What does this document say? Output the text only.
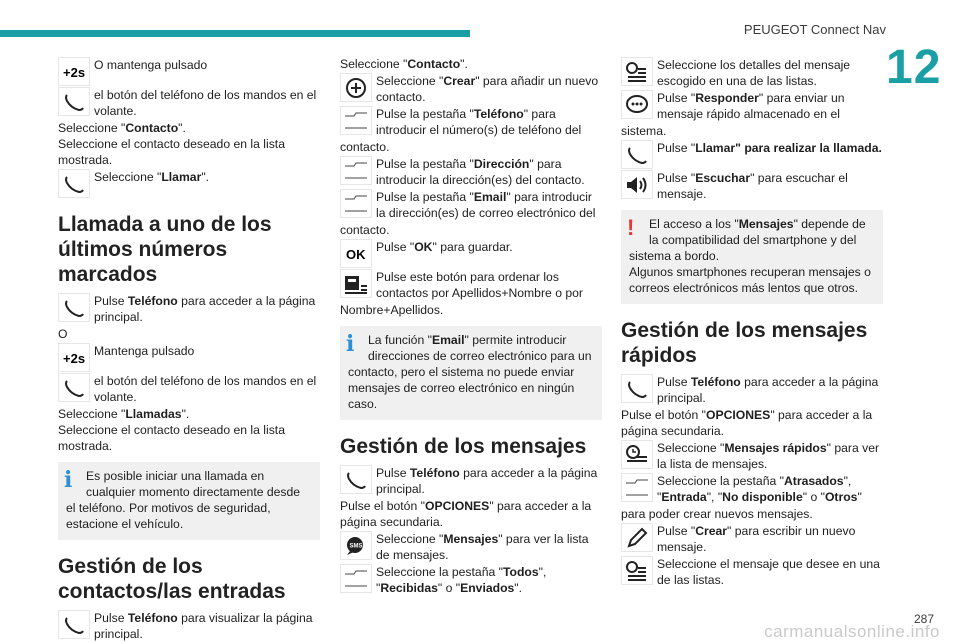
PEUGEOT Connect Nav
12
+2s O mantenga pulsado
el botón del teléfono de los mandos en el volante.

Seleccione "Contacto".

Seleccione el contacto deseado en la lista mostrada.

Seleccione "Llamar".
Llamada a uno de los últimos números marcados
Pulse Teléfono para acceder a la página principal.

O

+2s Mantenga pulsado
el botón del teléfono de los mandos en el volante.

Seleccione "Llamadas".

Seleccione el contacto deseado en la lista mostrada.

i Es posible iniciar una llamada en cualquier momento directamente desde
el teléfono. Por motivos de seguridad, estacione el vehículo.
Gestión de los contactos/las entradas
Pulse Teléfono para visualizar la página principal.

Seleccione "Contacto".

Seleccione "Crear" para añadir un nuevo contacto.
Pulse la pestaña "Teléfono" para introducir el número(s) de teléfono del

contacto.

Pulse la pestaña "Dirección" para introducir la dirección(es) del contacto.
Pulse la pestaña "Email" para introducir la dirección(es) de correo electrónico del

contacto.

OK Pulse "OK" para guardar.
Pulse este botón para ordenar los contactos por Apellidos+Nombre o por

Nombre+Apellidos.

i La función "Email" permite introducir direcciones de correo electrónico para un
contacto, pero el sistema no puede enviar mensajes de correo electrónico en ningún caso.
Gestión de los mensajes
Pulse Teléfono para acceder a la página principal.

Pulse el botón "OPCIONES" para acceder a la página secundaria.

SMS Seleccione "Mensajes" para ver la lista de mensajes.
Seleccione la pestaña "Todos",
"Recibidas" o "Enviados".
Seleccione los detalles del mensaje escogido en una de las listas.
Pulse "Responder" para enviar un mensaje rápido almacenado en el

sistema.

Pulse "Llamar" para realizar la llamada.
Pulse "Escuchar" para escuchar el mensaje.
! El acceso a los "Mensajes" depende de la compatibilidad del smartphone y del
sistema a bordo.
Algunos smartphones recuperan mensajes o correos electrónicos más lentos que otros.
Gestión de los mensajes rápidos
Pulse Teléfono para acceder a la página principal.

Pulse el botón "OPCIONES" para acceder a la página secundaria.

Seleccione "Mensajes rápidos" para ver la lista de mensajes.
Seleccione la pestaña "Atrasados",
"Entrada", "No disponible" o "Otros"

para poder crear nuevos mensajes.

Pulse "Crear" para escribir un nuevo mensaje.
Seleccione el mensaje que desee en una de las listas.
287
carmanualsonline.info
